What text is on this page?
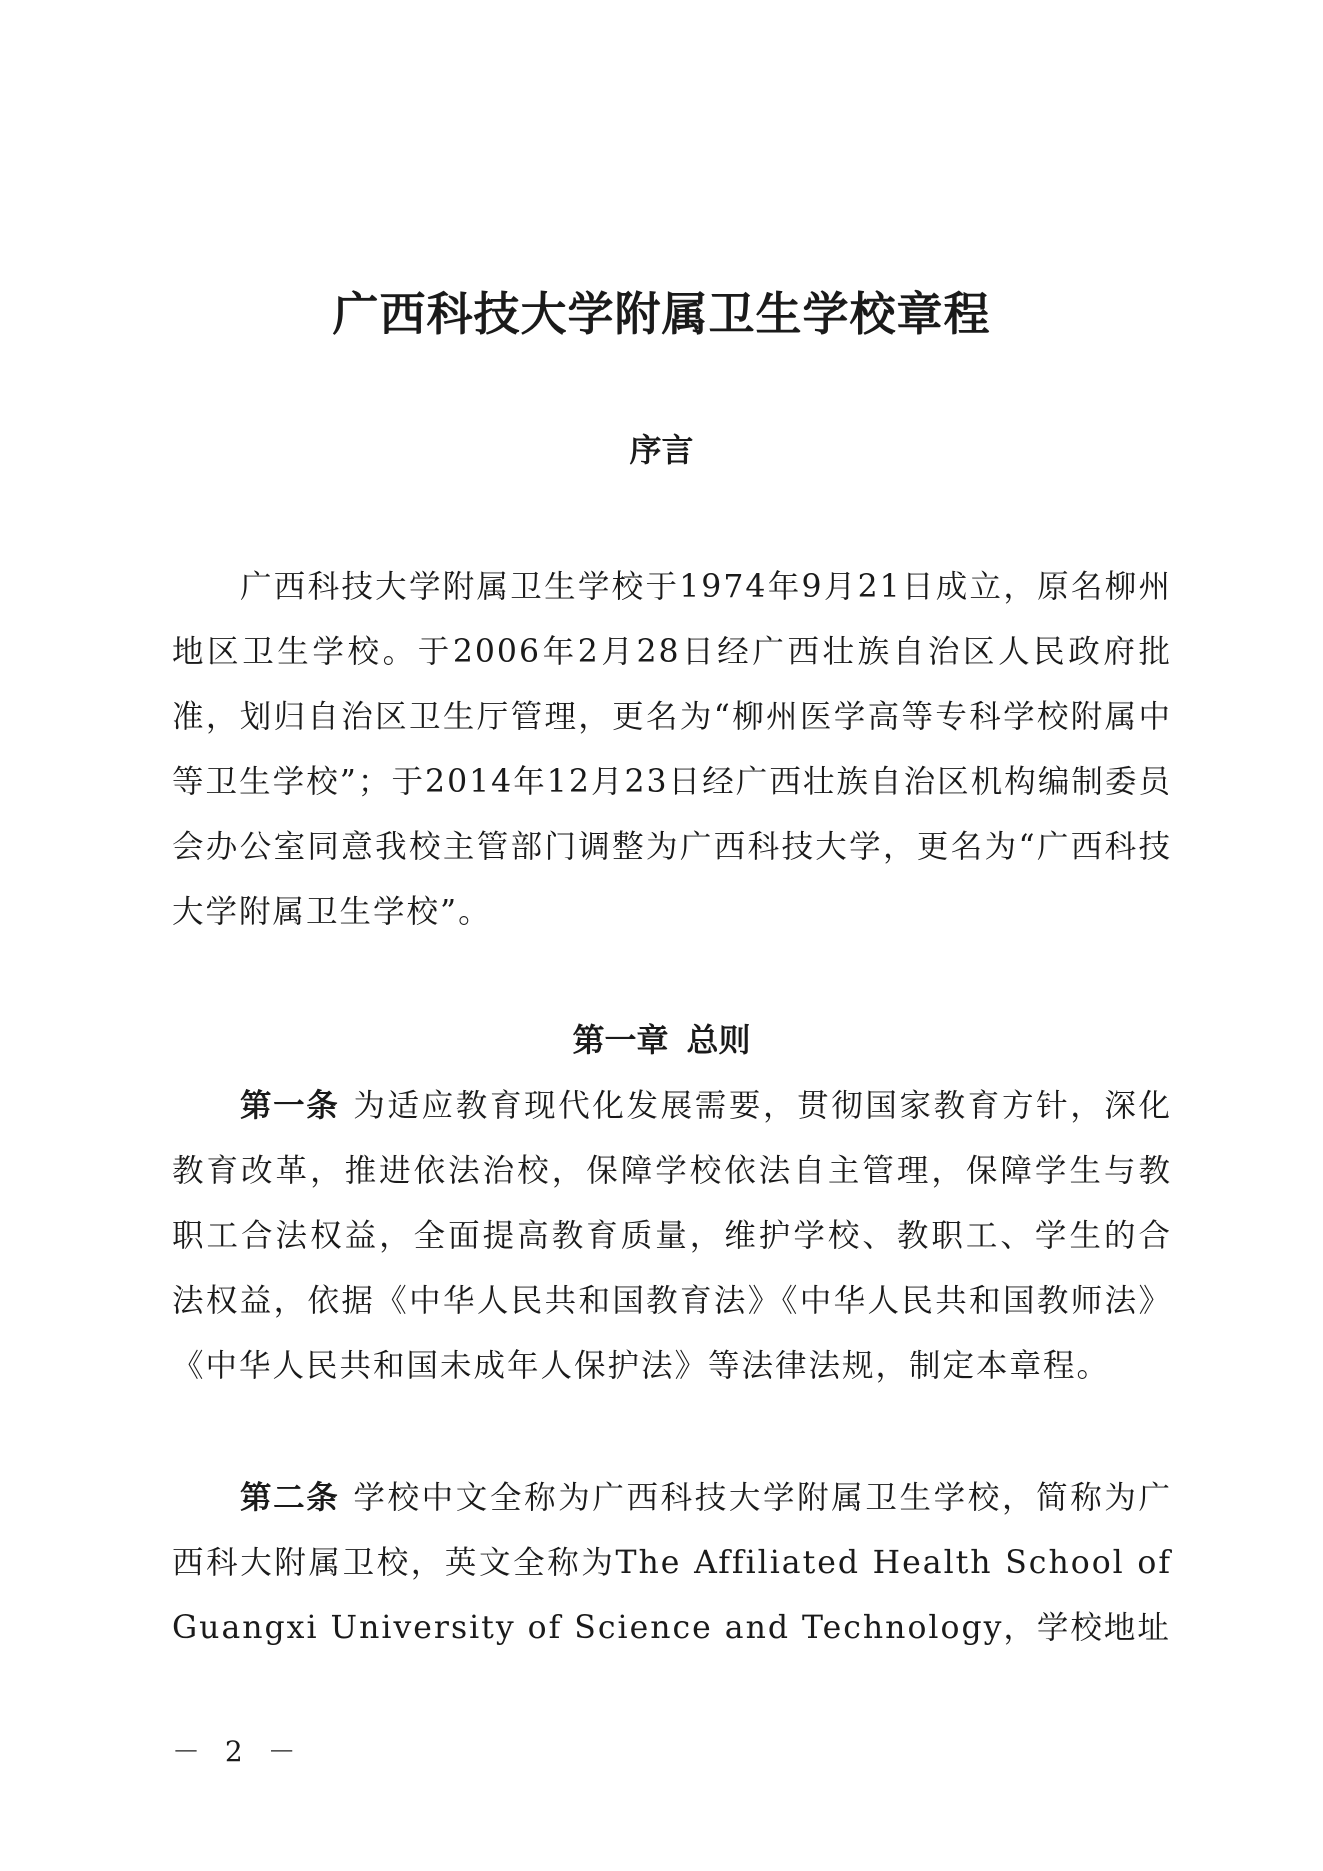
广西科技大学附属卫生学校章程
序言

广西科技大学附属卫生学校于1974年9月21日成立，原名柳州地区卫生学校。于2006年2月28日经广西壮族自治区人民政府批准，划归自治区卫生厅管理，更名为“柳州医学高等专科学校附属中等卫生学校”；于2014年12月23日经广西壮族自治区机构编制委员会办公室同意我校主管部门调整为广西科技大学，更名为“广西科技大学附属卫生学校”。

第一章 总则

第一条 为适应教育现代化发展需要，贯彻国家教育方针，深化教育改革，推进依法治校，保障学校依法自主管理，保障学生与教职工合法权益，全面提高教育质量，维护学校、教职工、学生的合法权益，依据《中华人民共和国教育法》《中华人民共和国教师法》《中华人民共和国未成年人保护法》等法律法规，制定本章程。

第二条 学校中文全称为广西科技大学附属卫生学校，简称为广西科大附属卫校，英文全称为The Affiliated Health School of Guangxi University of Science and Technology，学校地址

－ 2 －
